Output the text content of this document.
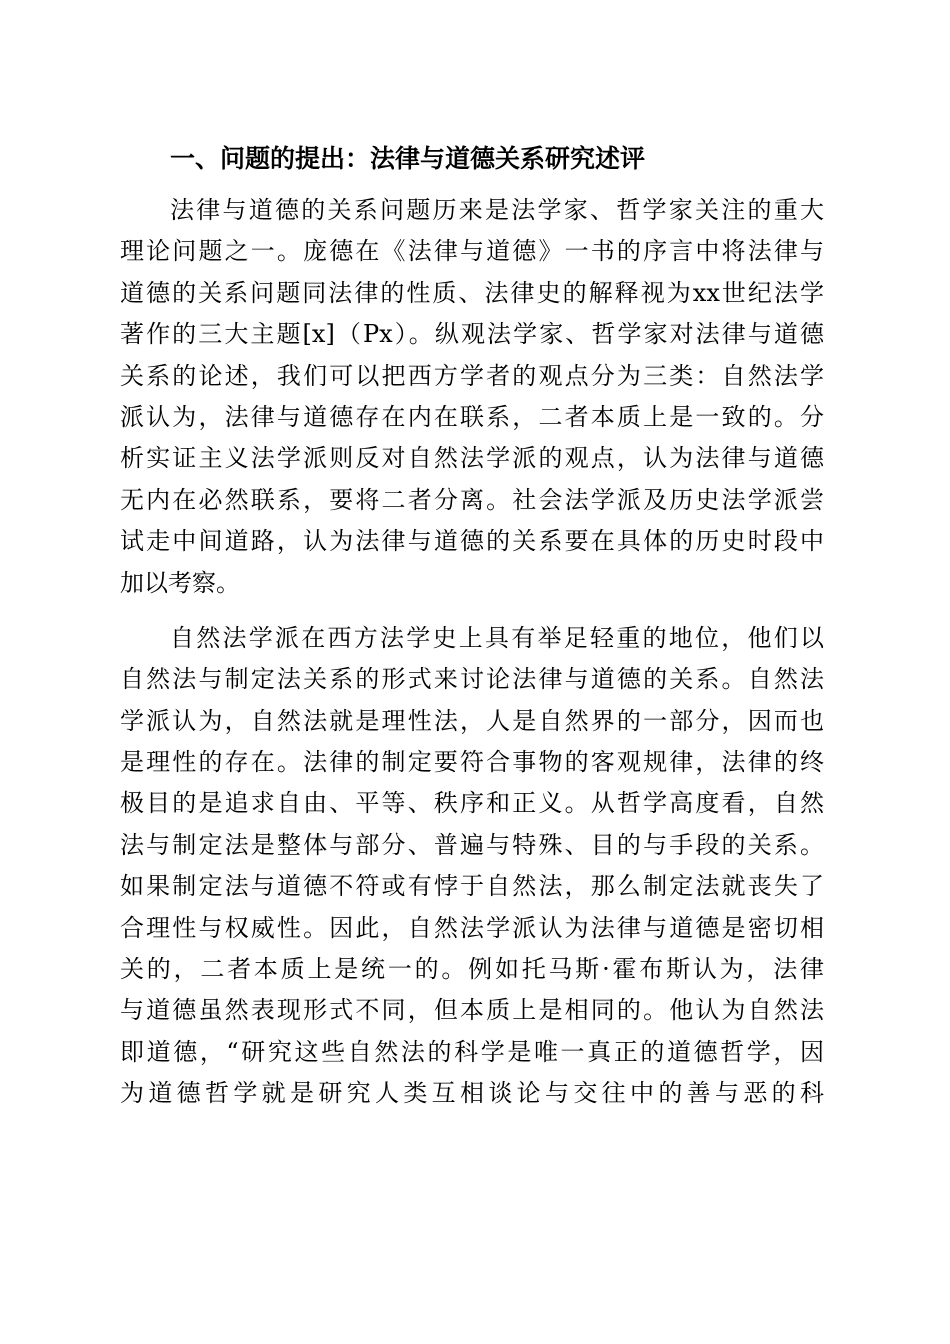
一、问题的提出：法律与道德关系研究述评
法律与道德的关系问题历来是法学家、哲学家关注的重大
理论问题之一。庞德在《法律与道德》一书的序言中将法律与
道德的关系问题同法律的性质、法律史的解释视为xx世纪法学
著作的三大主题[x]（Px）。纵观法学家、哲学家对法律与道德
关系的论述，我们可以把西方学者的观点分为三类：自然法学
派认为，法律与道德存在内在联系，二者本质上是一致的。分
析实证主义法学派则反对自然法学派的观点，认为法律与道德
无内在必然联系，要将二者分离。社会法学派及历史法学派尝
试走中间道路，认为法律与道德的关系要在具体的历史时段中
加以考察。
自然法学派在西方法学史上具有举足轻重的地位，他们以
自然法与制定法关系的形式来讨论法律与道德的关系。自然法
学派认为，自然法就是理性法，人是自然界的一部分，因而也
是理性的存在。法律的制定要符合事物的客观规律，法律的终
极目的是追求自由、平等、秩序和正义。从哲学高度看，自然
法与制定法是整体与部分、普遍与特殊、目的与手段的关系。
如果制定法与道德不符或有悖于自然法，那么制定法就丧失了
合理性与权威性。因此，自然法学派认为法律与道德是密切相
关的，二者本质上是统一的。例如托马斯·霍布斯认为，法律
与道德虽然表现形式不同，但本质上是相同的。他认为自然法
即道德，“研究这些自然法的科学是唯一真正的道德哲学，因
为道德哲学就是研究人类互相谈论与交往中的善与恶的科
